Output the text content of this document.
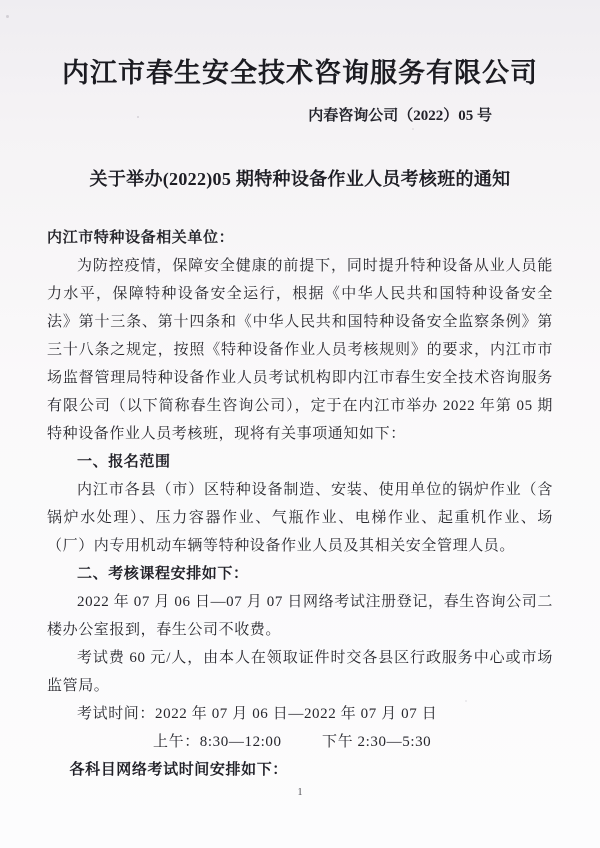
内江市春生安全技术咨询服务有限公司
内春咨询公司（2022）05 号
关于举办(2022)05 期特种设备作业人员考核班的通知

内江市特种设备相关单位：

为防控疫情，保障安全健康的前提下，同时提升特种设备从业人员能力水平，保障特种设备安全运行，根据《中华人民共和国特种设备安全法》第十三条、第十四条和《中华人民共和国特种设备安全监察条例》第三十八条之规定，按照《特种设备作业人员考核规则》的要求，内江市市场监督管理局特种设备作业人员考试机构即内江市春生安全技术咨询服务有限公司（以下简称春生咨询公司），定于在内江市举办 2022 年第 05 期特种设备作业人员考核班，现将有关事项通知如下：

一、报名范围

内江市各县（市）区特种设备制造、安装、使用单位的锅炉作业（含锅炉水处理）、压力容器作业、气瓶作业、电梯作业、起重机作业、场（厂）内专用机动车辆等特种设备作业人员及其相关安全管理人员。

二、考核课程安排如下：

2022 年 07 月 06 日—07 月 07 日网络考试注册登记，春生咨询公司二楼办公室报到，春生公司不收费。

考试费 60 元/人，由本人在领取证件时交各县区行政服务中心或市场监管局。

考试时间：2022 年 07 月 06 日—2022 年 07 月 07 日

上午：8:30—12:00	下午 2:30—5:30

各科目网络考试时间安排如下：

1
